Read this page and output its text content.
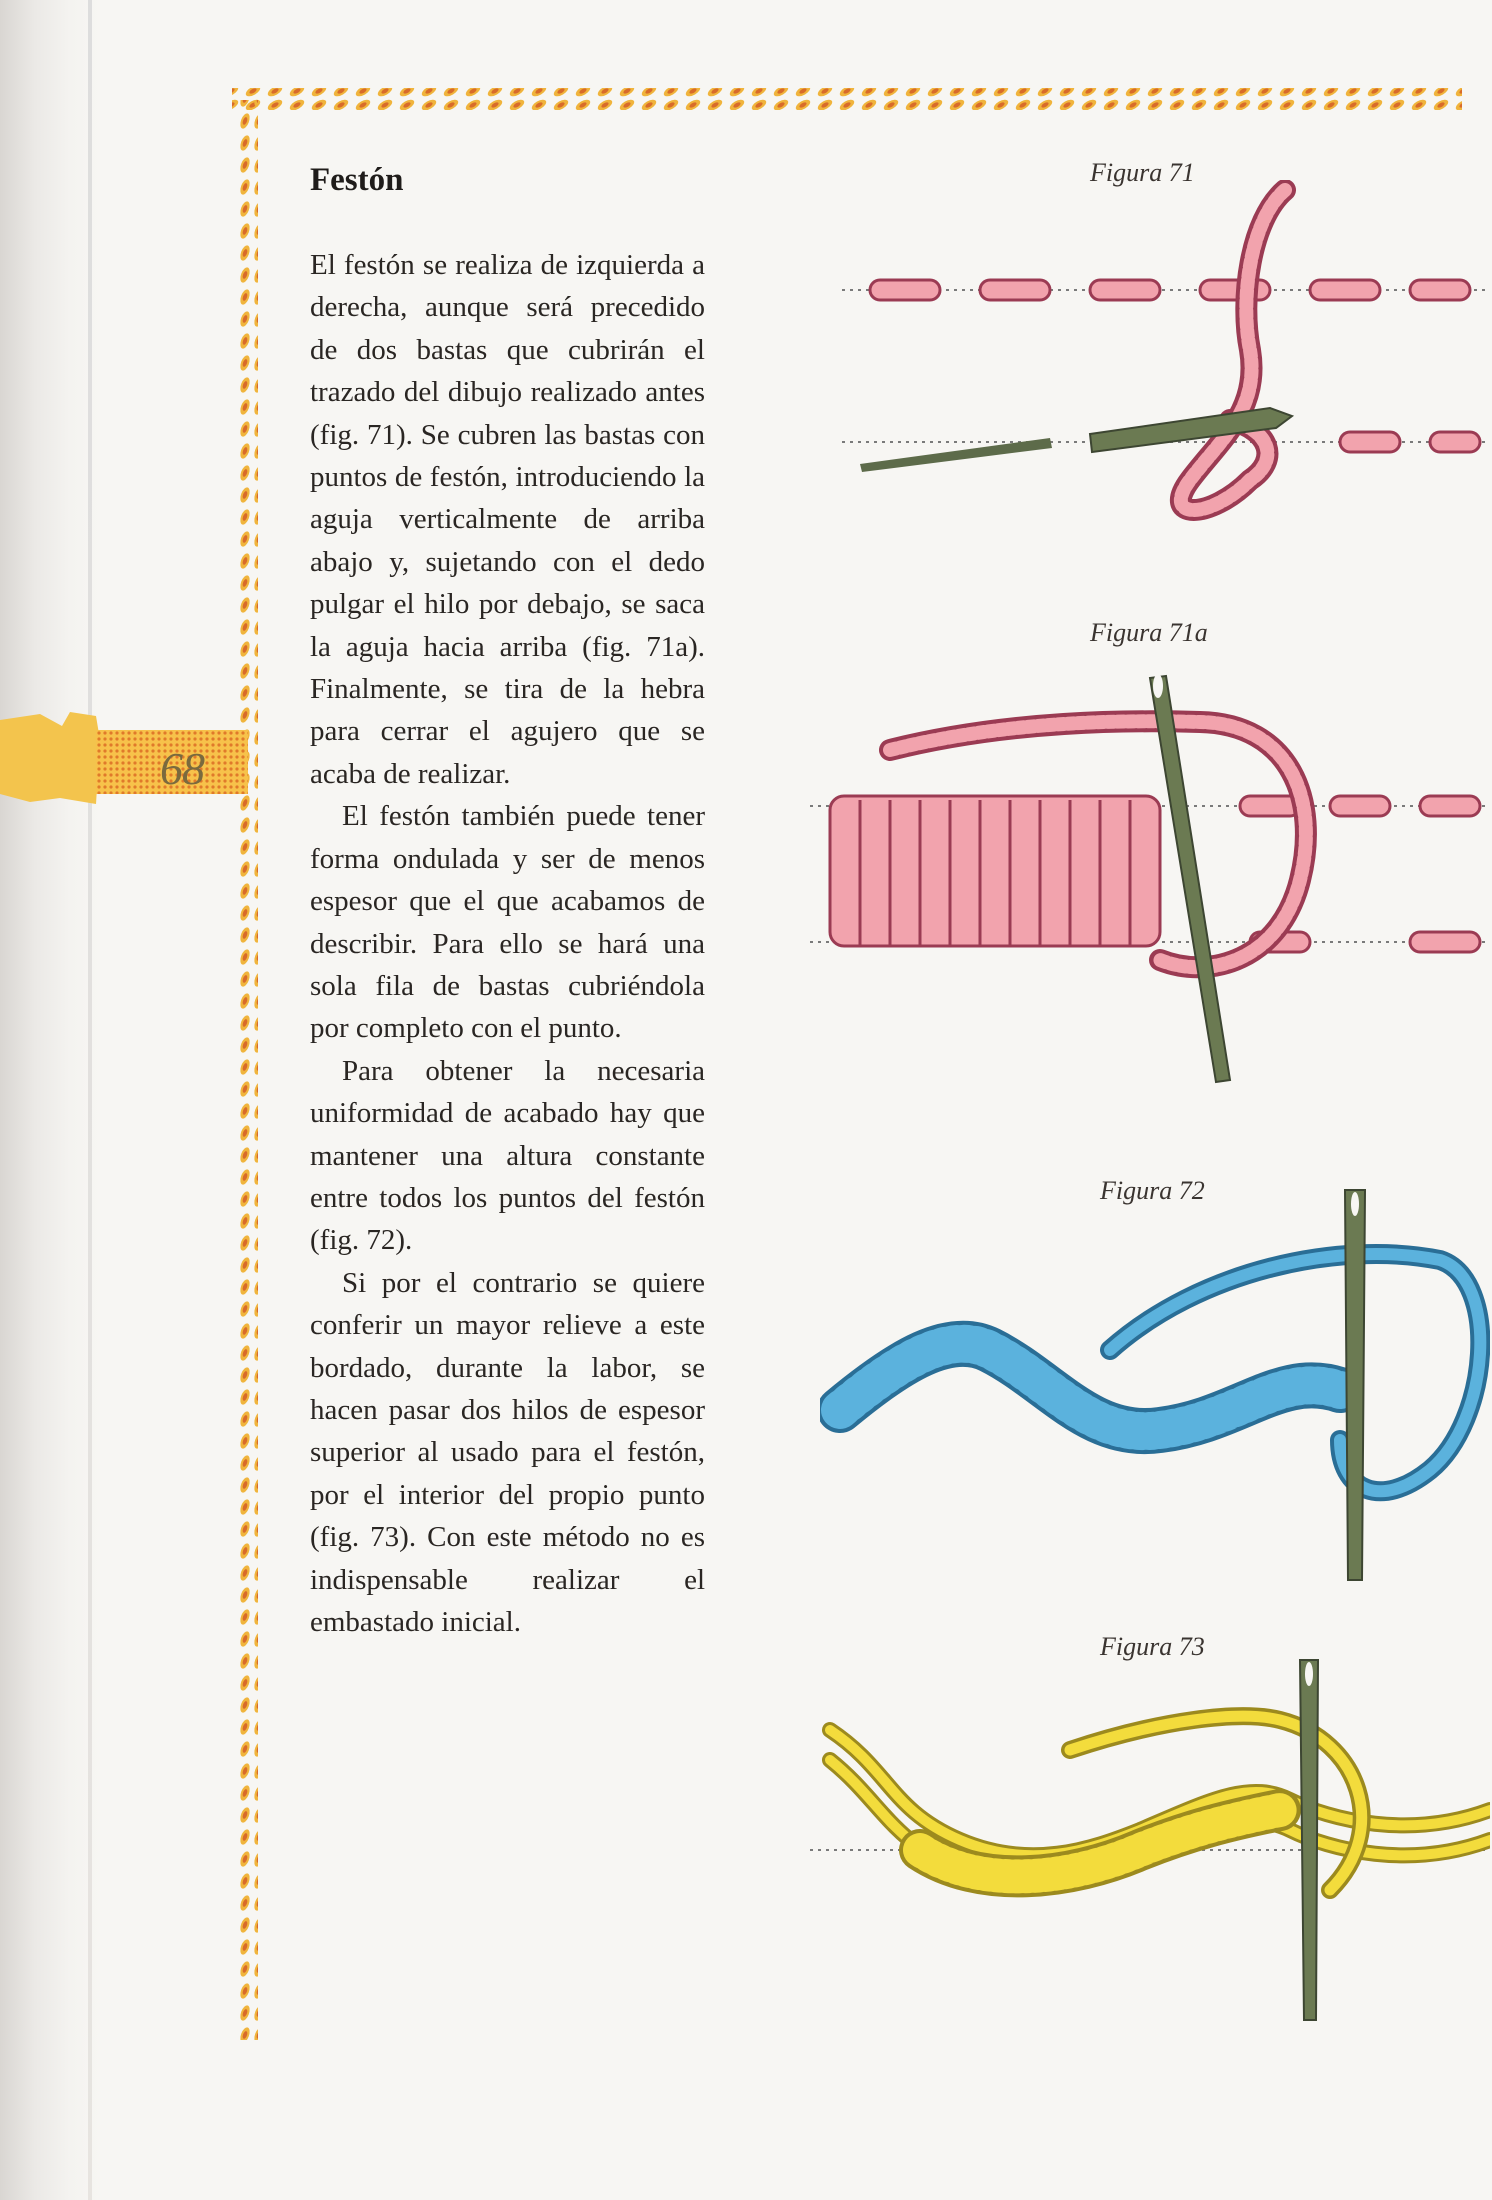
68
Festón

El festón se realiza de izquierda a derecha, aunque será precedido de dos bastas que cubrirán el trazado del dibujo realizado antes (fig. 71). Se cubren las bastas con puntos de festón, introduciendo la aguja verticalmente de arriba abajo y, sujetando con el dedo pulgar el hilo por debajo, se saca la aguja hacia arriba (fig. 71a). Finalmente, se tira de la hebra para cerrar el agujero que se acaba de realizar.

El festón también puede tener forma ondulada y ser de menos espesor que el que acabamos de describir. Para ello se hará una sola fila de bastas cubriéndola por completo con el punto.

Para obtener la necesaria uniformidad de acabado hay que mantener una altura constante entre todos los puntos del festón (fig. 72).

Si por el contrario se quiere conferir un mayor relieve a este bordado, durante la labor, se hacen pasar dos hilos de espesor superior al usado para el festón, por el interior del propio punto (fig. 73). Con este método no es indispensable realizar el embastado inicial.

Figura 71
Figura 71a
Figura 72
Figura 73
